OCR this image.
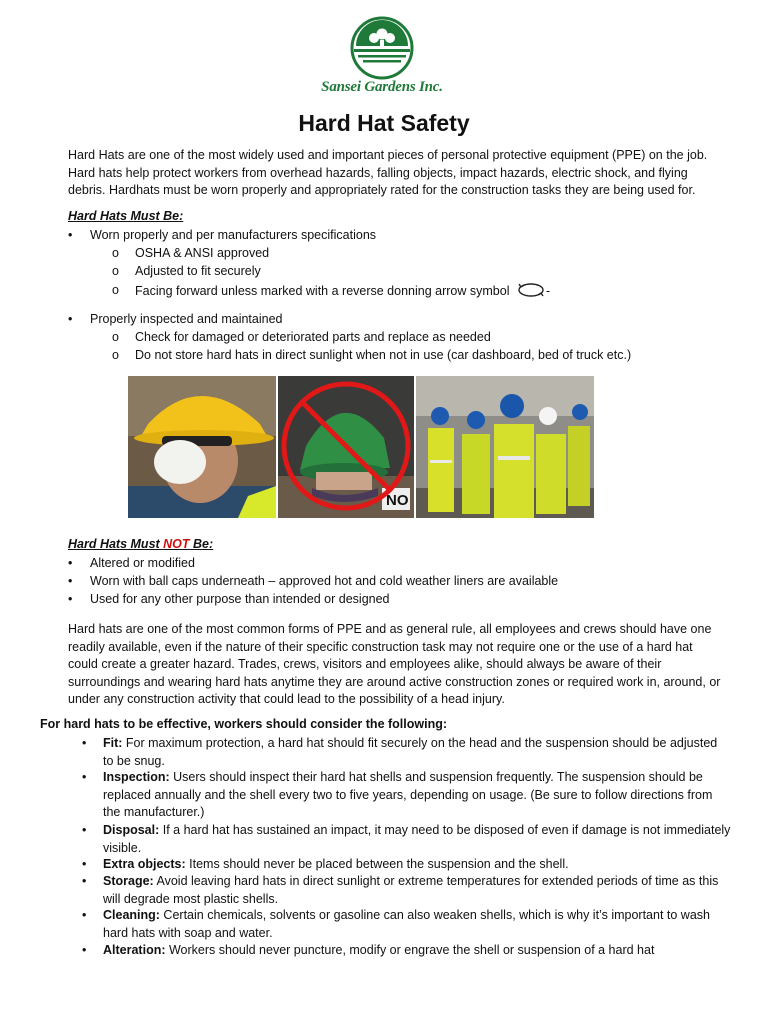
Sansei Gardens Inc.
Hard Hat Safety
Hard Hats are one of the most widely used and important pieces of personal protective equipment (PPE) on the job. Hard hats help protect workers from overhead hazards, falling objects, impact hazards, electric shock, and flying debris. Hardhats must be worn properly and appropriately rated for the construction tasks they are being used for.
Hard Hats Must Be:
• Worn properly and per manufacturers specifications
o OSHA & ANSI approved
o Adjusted to fit securely
o Facing forward unless marked with a reverse donning arrow symbol	-
• Properly inspected and maintained
o Check for damaged or deteriorated parts and replace as needed
o Do not store hard hats in direct sunlight when not in use (car dashboard, bed of truck etc.)
NO
Hard Hats Must NOT Be:
• Altered or modified
• Worn with ball caps underneath – approved hot and cold weather liners are available
• Used for any other purpose than intended or designed
Hard hats are one of the most common forms of PPE and as general rule, all employees and crews should have one readily available, even if the nature of their specific construction task may not require one or the use of a hard hat could create a greater hazard. Trades, crews, visitors and employees alike, should always be aware of their surroundings and wearing hard hats anytime they are around active construction zones or required work in, around, or under any construction activity that could lead to the possibility of a head injury.
For hard hats to be effective, workers should consider the following:
• Fit: For maximum protection, a hard hat should fit securely on the head and the suspension should be adjusted to be snug.
• Inspection: Users should inspect their hard hat shells and suspension frequently. The suspension should be replaced annually and the shell every two to five years, depending on usage. (Be sure to follow directions from the manufacturer.)
• Disposal: If a hard hat has sustained an impact, it may need to be disposed of even if damage is not immediately visible.
• Extra objects: Items should never be placed between the suspension and the shell.
• Storage: Avoid leaving hard hats in direct sunlight or extreme temperatures for extended periods of time as this will degrade most plastic shells.
• Cleaning: Certain chemicals, solvents or gasoline can also weaken shells, which is why it’s important to wash hard hats with soap and water.
• Alteration: Workers should never puncture, modify or engrave the shell or suspension of a hard hat
